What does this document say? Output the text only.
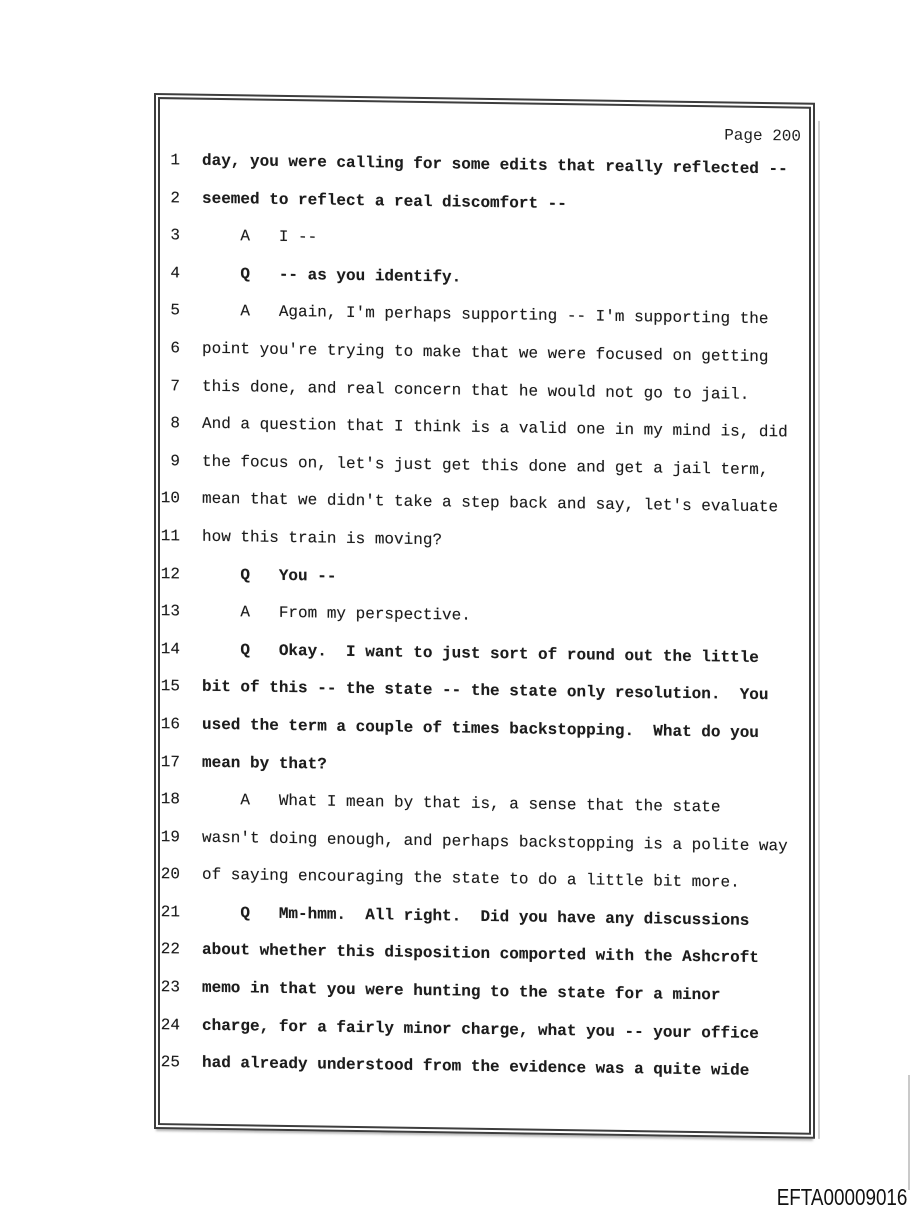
Page 200
1 day, you were calling for some edits that really reflected --
2 seemed to reflect a real discomfort --
3 A   I --
4 Q   -- as you identify.
5 A   Again, I'm perhaps supporting -- I'm supporting the
6 point you're trying to make that we were focused on getting
7 this done, and real concern that he would not go to jail.
8 And a question that I think is a valid one in my mind is, did
9 the focus on, let's just get this done and get a jail term,
10 mean that we didn't take a step back and say, let's evaluate
11 how this train is moving?
12 Q   You --
13 A   From my perspective.
14 Q   Okay.  I want to just sort of round out the little
15 bit of this -- the state -- the state only resolution.  You
16 used the term a couple of times backstopping.  What do you
17 mean by that?
18 A   What I mean by that is, a sense that the state
19 wasn't doing enough, and perhaps backstopping is a polite way
20 of saying encouraging the state to do a little bit more.
21 Q   Mm-hmm.  All right.  Did you have any discussions
22 about whether this disposition comported with the Ashcroft
23 memo in that you were hunting to the state for a minor
24 charge, for a fairly minor charge, what you -- your office
25 had already understood from the evidence was a quite wide
EFTA00009016
